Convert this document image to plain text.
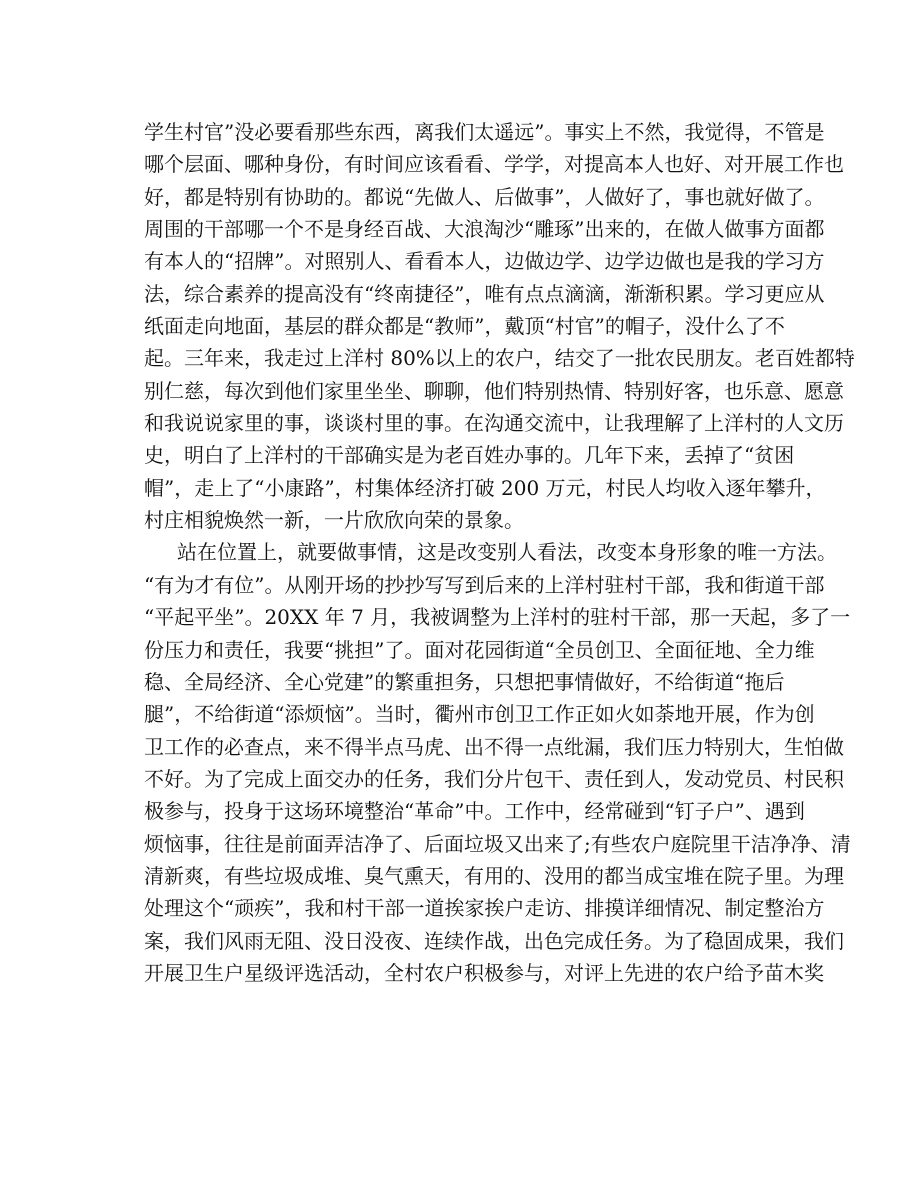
学生村官”没必要看那些东西，离我们太遥远”。事实上不然，我觉得，不管是
哪个层面、哪种身份，有时间应该看看、学学，对提高本人也好、对开展工作也
好，都是特别有协助的。都说“先做人、后做事”，人做好了，事也就好做了。
周围的干部哪一个不是身经百战、大浪淘沙“雕琢”出来的，在做人做事方面都
有本人的“招牌”。对照别人、看看本人，边做边学、边学边做也是我的学习方
法，综合素养的提高没有“终南捷径”，唯有点点滴滴，渐渐积累。学习更应从
纸面走向地面，基层的群众都是“教师”，戴顶“村官”的帽子，没什么了不
起。三年来，我走过上洋村 80%以上的农户，结交了一批农民朋友。老百姓都特
别仁慈，每次到他们家里坐坐、聊聊，他们特别热情、特别好客，也乐意、愿意
和我说说家里的事，谈谈村里的事。在沟通交流中，让我理解了上洋村的人文历
史，明白了上洋村的干部确实是为老百姓办事的。几年下来，丢掉了“贫困
帽”，走上了“小康路”，村集体经济打破 200 万元，村民人均收入逐年攀升，
村庄相貌焕然一新，一片欣欣向荣的景象。
站在位置上，就要做事情，这是改变别人看法，改变本身形象的唯一方法。
“有为才有位”。从刚开场的抄抄写写到后来的上洋村驻村干部，我和街道干部
“平起平坐”。20XX 年 7 月，我被调整为上洋村的驻村干部，那一天起，多了一
份压力和责任，我要“挑担”了。面对花园街道“全员创卫、全面征地、全力维
稳、全局经济、全心党建”的繁重担务，只想把事情做好，不给街道“拖后
腿”，不给街道“添烦恼”。当时，衢州市创卫工作正如火如荼地开展，作为创
卫工作的必查点，来不得半点马虎、出不得一点纰漏，我们压力特别大，生怕做
不好。为了完成上面交办的任务，我们分片包干、责任到人，发动党员、村民积
极参与，投身于这场环境整治“革命”中。工作中，经常碰到“钉子户”、遇到
烦恼事，往往是前面弄洁净了、后面垃圾又出来了;有些农户庭院里干洁净净、清
清新爽，有些垃圾成堆、臭气熏天，有用的、没用的都当成宝堆在院子里。为理
处理这个“顽疾”，我和村干部一道挨家挨户走访、排摸详细情况、制定整治方
案，我们风雨无阻、没日没夜、连续作战，出色完成任务。为了稳固成果，我们
开展卫生户星级评选活动，全村农户积极参与，对评上先进的农户给予苗木奖
